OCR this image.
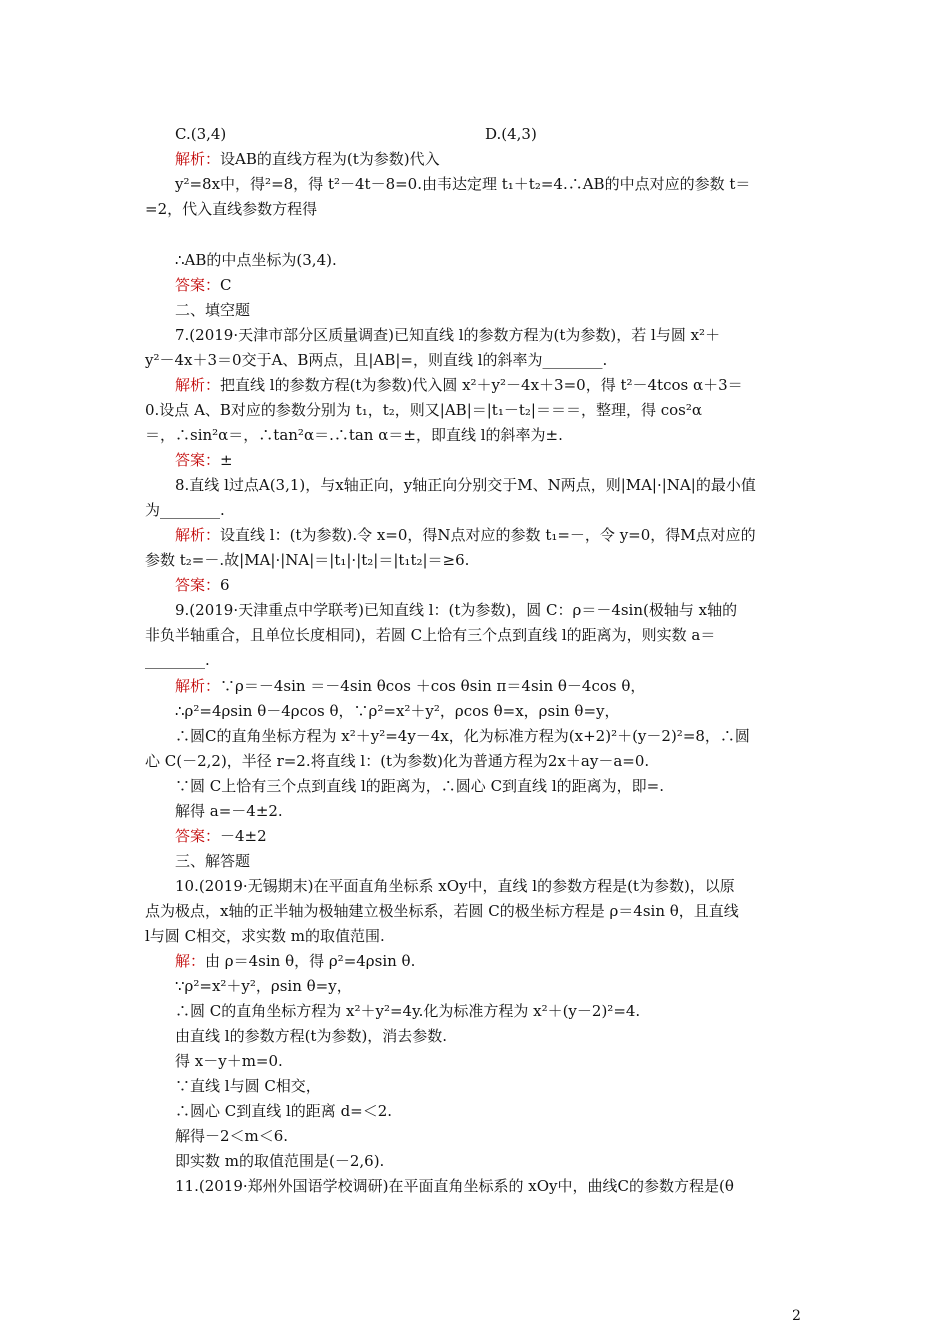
C.(3,4)	D.(4,3)
解析：设AB的直线方程为(t为参数)代入
y²=8x中，得²=8，得 t²－4t－8=0.由韦达定理 t₁＋t₂=4.∴AB的中点对应的参数 t＝
=2，代入直线参数方程得
∴AB的中点坐标为(3,4).
答案：C
二、填空题
7.(2019·天津市部分区质量调查)已知直线 l的参数方程为(t为参数)，若 l与圆 x²＋
y²－4x＋3＝0交于A、B两点，且|AB|=，则直线 l的斜率为________.
解析：把直线 l的参数方程(t为参数)代入圆 x²＋y²－4x＋3=0，得 t²－4tcos α＋3＝
0.设点 A、B对应的参数分别为 t₁，t₂，则又|AB|＝|t₁－t₂|＝＝＝，整理，得 cos²α
＝，∴sin²α＝，∴tan²α＝.∴tan α＝±，即直线 l的斜率为±.
答案：±
8.直线 l过点A(3,1)，与x轴正向，y轴正向分别交于M、N两点，则|MA|·|NA|的最小值
为________.
解析：设直线 l：(t为参数).令 x=0，得N点对应的参数 t₁=－，令 y=0，得M点对应的
参数 t₂=－.故|MA|·|NA|＝|t₁|·|t₂|＝|t₁t₂|＝≥6.
答案：6
9.(2019·天津重点中学联考)已知直线 l：(t为参数)，圆 C：ρ＝－4sin(极轴与 x轴的
非负半轴重合，且单位长度相同)，若圆 C上恰有三个点到直线 l的距离为，则实数 a＝
________.
解析：∵ρ＝－4sin ＝－4sin θcos ＋cos θsin π＝4sin θ－4cos θ，
∴ρ²=4ρsin θ－4ρcos θ，∵ρ²=x²＋y²，ρcos θ=x，ρsin θ=y，
∴圆C的直角坐标方程为 x²＋y²=4y－4x，化为标准方程为(x+2)²＋(y－2)²=8，∴圆
心 C(－2,2)，半径 r=2.将直线 l：(t为参数)化为普通方程为2x＋ay－a=0.
∵圆 C上恰有三个点到直线 l的距离为，∴圆心 C到直线 l的距离为，即=.
解得 a=－4±2.
答案：－4±2
三、解答题
10.(2019·无锡期末)在平面直角坐标系 xOy中，直线 l的参数方程是(t为参数)，以原
点为极点，x轴的正半轴为极轴建立极坐标系，若圆 C的极坐标方程是 ρ＝4sin θ，且直线
l与圆 C相交，求实数 m的取值范围.
解：由 ρ＝4sin θ，得 ρ²=4ρsin θ.
∵ρ²=x²＋y²，ρsin θ=y，
∴圆 C的直角坐标方程为 x²＋y²=4y.化为标准方程为 x²＋(y－2)²=4.
由直线 l的参数方程(t为参数)，消去参数.
得 x－y＋m=0.
∵直线 l与圆 C相交，
∴圆心 C到直线 l的距离 d=＜2.
解得－2＜m＜6.
即实数 m的取值范围是(－2,6).
11.(2019·郑州外国语学校调研)在平面直角坐标系的 xOy中，曲线C的参数方程是(θ
2
